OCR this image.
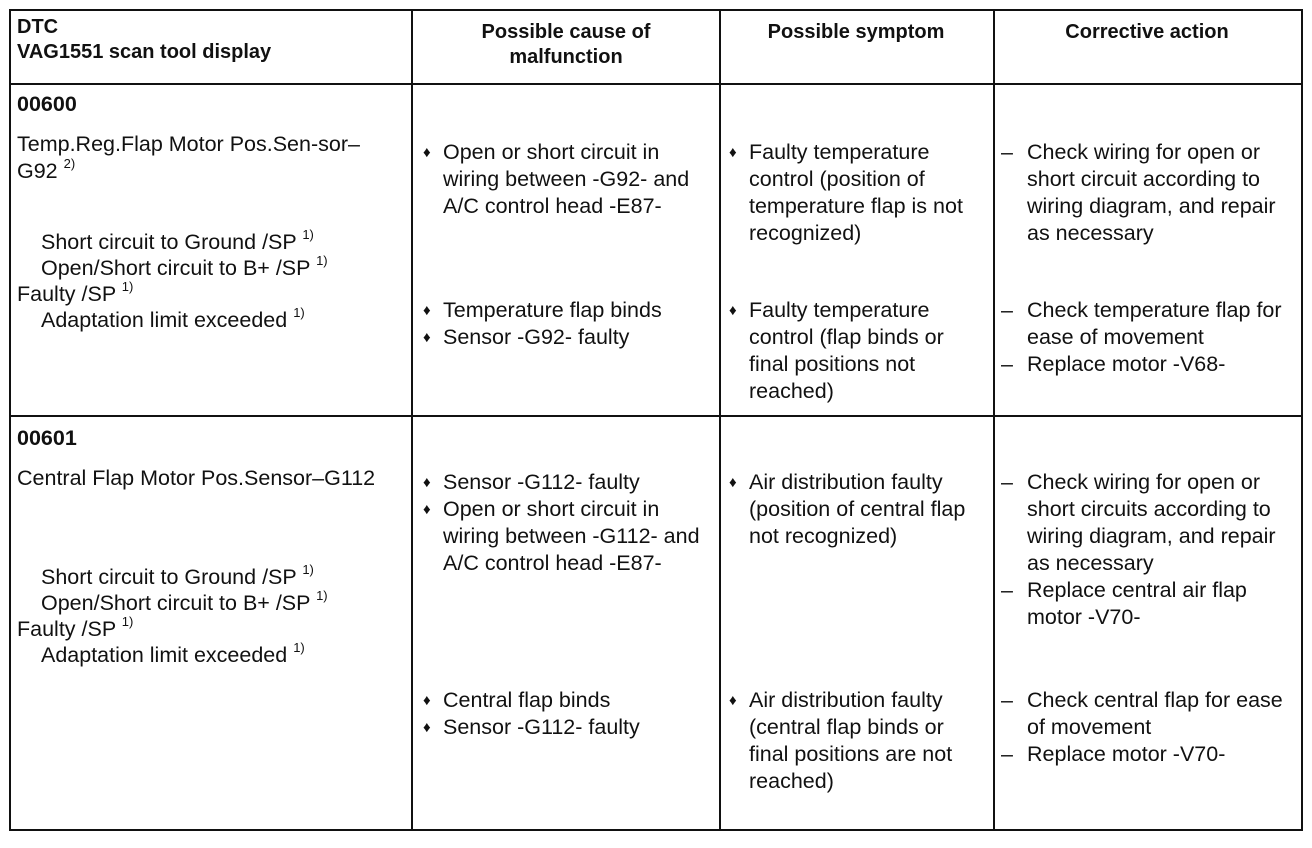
DTC
VAG1551 scan tool display
Possible cause of malfunction
Possible symptom	Corrective action
00600
Temp.Reg.Flap Motor Pos.Sen-sor–G92 $^{2)}$
Short circuit to Ground /SP $^{1)}$
Open/Short circuit to B+ /SP $^{1)}$
Faulty /SP $^{1)}$
Adaptation limit exceeded $^{1)}$
♦ Open or short circuit in wiring between -G92- and A/C control head -E87-
♦ Temperature flap binds
♦ Sensor -G92- faulty
♦ Faulty temperature control (position of temperature flap is not recognized)
♦ Faulty temperature control (flap binds or final positions not reached)
– Check wiring for open or short circuit according to wiring diagram, and repair as necessary
– Check temperature flap for ease of movement
– Replace motor -V68-
00601
Central Flap Motor Pos.Sensor–G112
Short circuit to Ground /SP $^{1)}$
Open/Short circuit to B+ /SP $^{1)}$
Faulty /SP $^{1)}$
Adaptation limit exceeded $^{1)}$
♦ Sensor -G112- faulty
♦ Open or short circuit in wiring between -G112- and A/C control head -E87-
♦ Central flap binds
♦ Sensor -G112- faulty
♦ Air distribution faulty (position of central flap not recognized)
♦ Air distribution faulty (central flap binds or final positions are not reached)
– Check wiring for open or short circuits according to wiring diagram, and repair as necessary
– Replace central air flap motor -V70-
– Check central flap for ease of movement
– Replace motor -V70-
